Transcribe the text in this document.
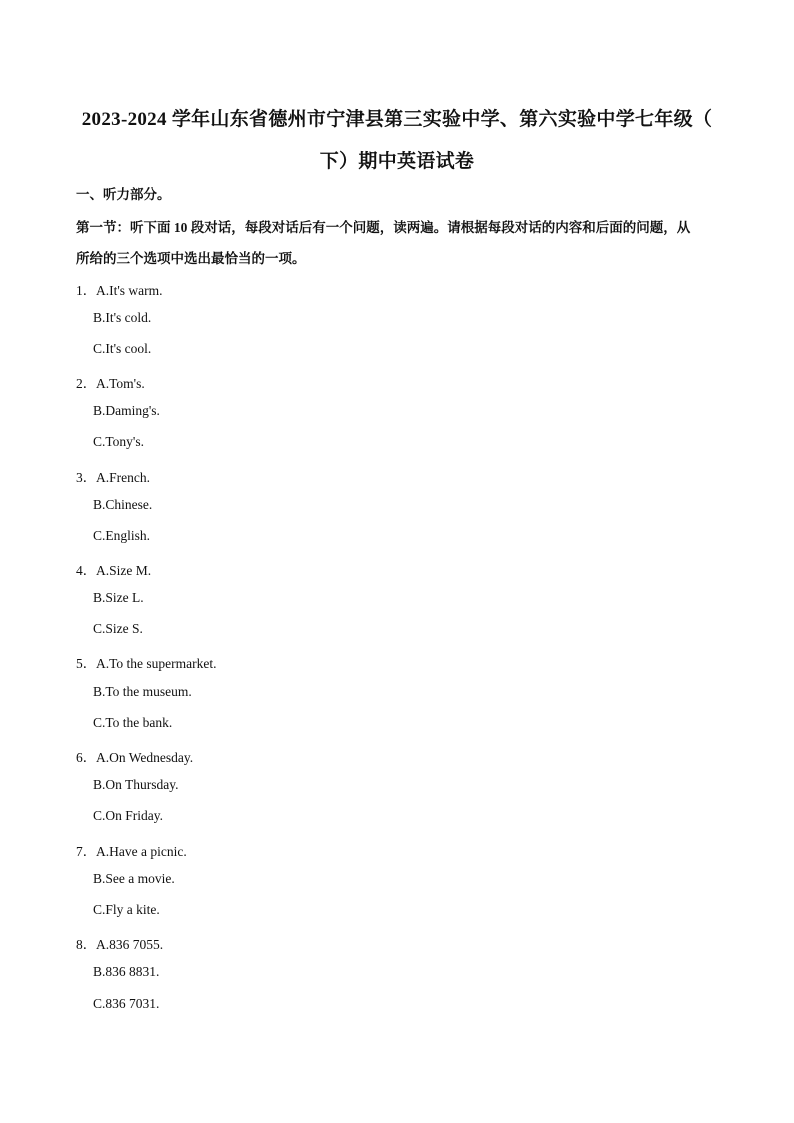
2023-2024 学年山东省德州市宁津县第三实验中学、第六实验中学七年级（
下）期中英语试卷
一、听力部分。
第一节：听下面 10 段对话，每段对话后有一个问题，读两遍。请根据每段对话的内容和后面的问题，从
所给的三个选项中选出最恰当的一项。
1．A.It's warm.
B.It's cold.
C.It's cool.
2．A.Tom's.
B.Daming's.
C.Tony's.
3．A.French.
B.Chinese.
C.English.
4．A.Size M.
B.Size L.
C.Size S.
5．A.To the supermarket.
B.To the museum.
C.To the bank.
6．A.On Wednesday.
B.On Thursday.
C.On Friday.
7．A.Have a picnic.
B.See a movie.
C.Fly a kite.
8．A.836 7055.
B.836 8831.
C.836 7031.
